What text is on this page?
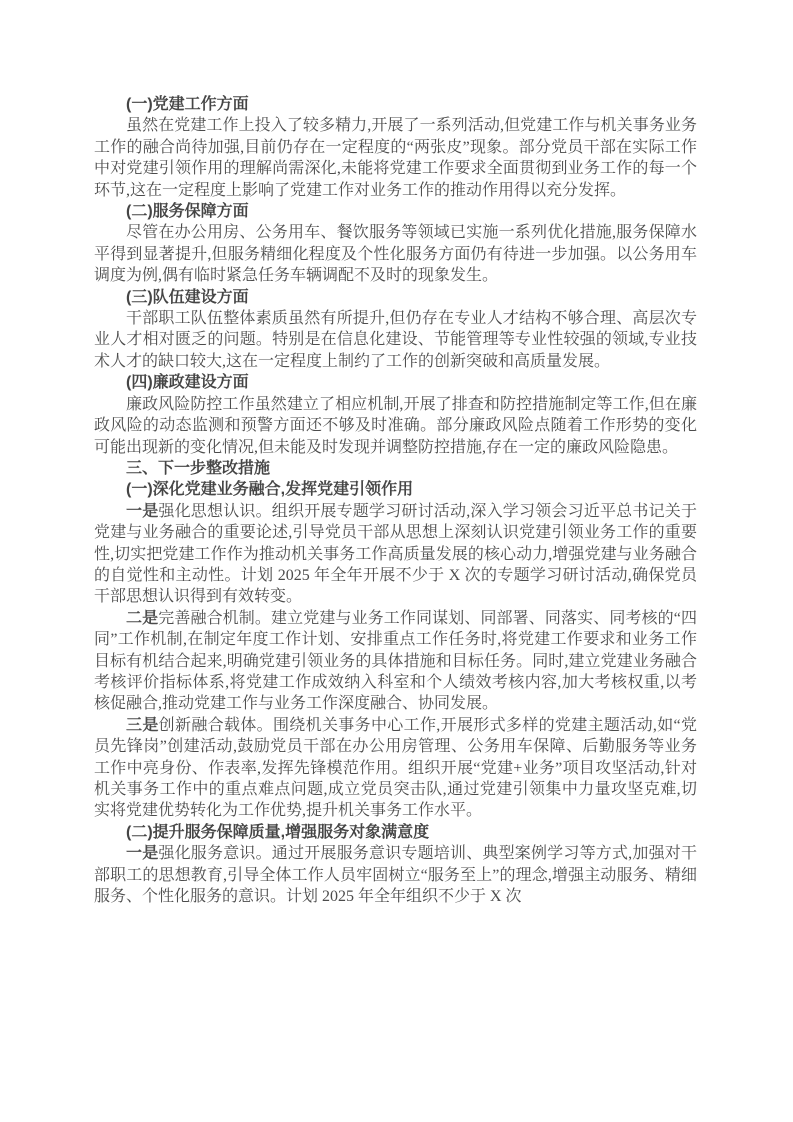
(一)党建工作方面

虽然在党建工作上投入了较多精力,开展了一系列活动,但党建工作与机关事务业务工作的融合尚待加强,目前仍存在一定程度的“两张皮”现象。部分党员干部在实际工作中对党建引领作用的理解尚需深化,未能将党建工作要求全面贯彻到业务工作的每一个环节,这在一定程度上影响了党建工作对业务工作的推动作用得以充分发挥。

(二)服务保障方面

尽管在办公用房、公务用车、餐饮服务等领域已实施一系列优化措施,服务保障水平得到显著提升,但服务精细化程度及个性化服务方面仍有待进一步加强。以公务用车调度为例,偶有临时紧急任务车辆调配不及时的现象发生。

(三)队伍建设方面

干部职工队伍整体素质虽然有所提升,但仍存在专业人才结构不够合理、高层次专业人才相对匮乏的问题。特别是在信息化建设、节能管理等专业性较强的领域,专业技术人才的缺口较大,这在一定程度上制约了工作的创新突破和高质量发展。

(四)廉政建设方面

廉政风险防控工作虽然建立了相应机制,开展了排查和防控措施制定等工作,但在廉政风险的动态监测和预警方面还不够及时准确。部分廉政风险点随着工作形势的变化可能出现新的变化情况,但未能及时发现并调整防控措施,存在一定的廉政风险隐患。

三、下一步整改措施
(一)深化党建业务融合,发挥党建引领作用

一是强化思想认识。组织开展专题学习研讨活动,深入学习领会习近平总书记关于党建与业务融合的重要论述,引导党员干部从思想上深刻认识党建引领业务工作的重要性,切实把党建工作作为推动机关事务工作高质量发展的核心动力,增强党建与业务融合的自觉性和主动性。计划 2025 年全年开展不少于 X 次的专题学习研讨活动,确保党员干部思想认识得到有效转变。

二是完善融合机制。建立党建与业务工作同谋划、同部署、同落实、同考核的“四同”工作机制,在制定年度工作计划、安排重点工作任务时,将党建工作要求和业务工作目标有机结合起来,明确党建引领业务的具体措施和目标任务。同时,建立党建业务融合考核评价指标体系,将党建工作成效纳入科室和个人绩效考核内容,加大考核权重,以考核促融合,推动党建工作与业务工作深度融合、协同发展。

三是创新融合载体。围绕机关事务中心工作,开展形式多样的党建主题活动,如“党员先锋岗”创建活动,鼓励党员干部在办公用房管理、公务用车保障、后勤服务等业务工作中亮身份、作表率,发挥先锋模范作用。组织开展“党建+业务”项目攻坚活动,针对机关事务工作中的重点难点问题,成立党员突击队,通过党建引领集中力量攻坚克难,切实将党建优势转化为工作优势,提升机关事务工作水平。

(二)提升服务保障质量,增强服务对象满意度

一是强化服务意识。通过开展服务意识专题培训、典型案例学习等方式,加强对干部职工的思想教育,引导全体工作人员牢固树立“服务至上”的理念,增强主动服务、精细服务、个性化服务的意识。计划 2025 年全年组织不少于 X 次
